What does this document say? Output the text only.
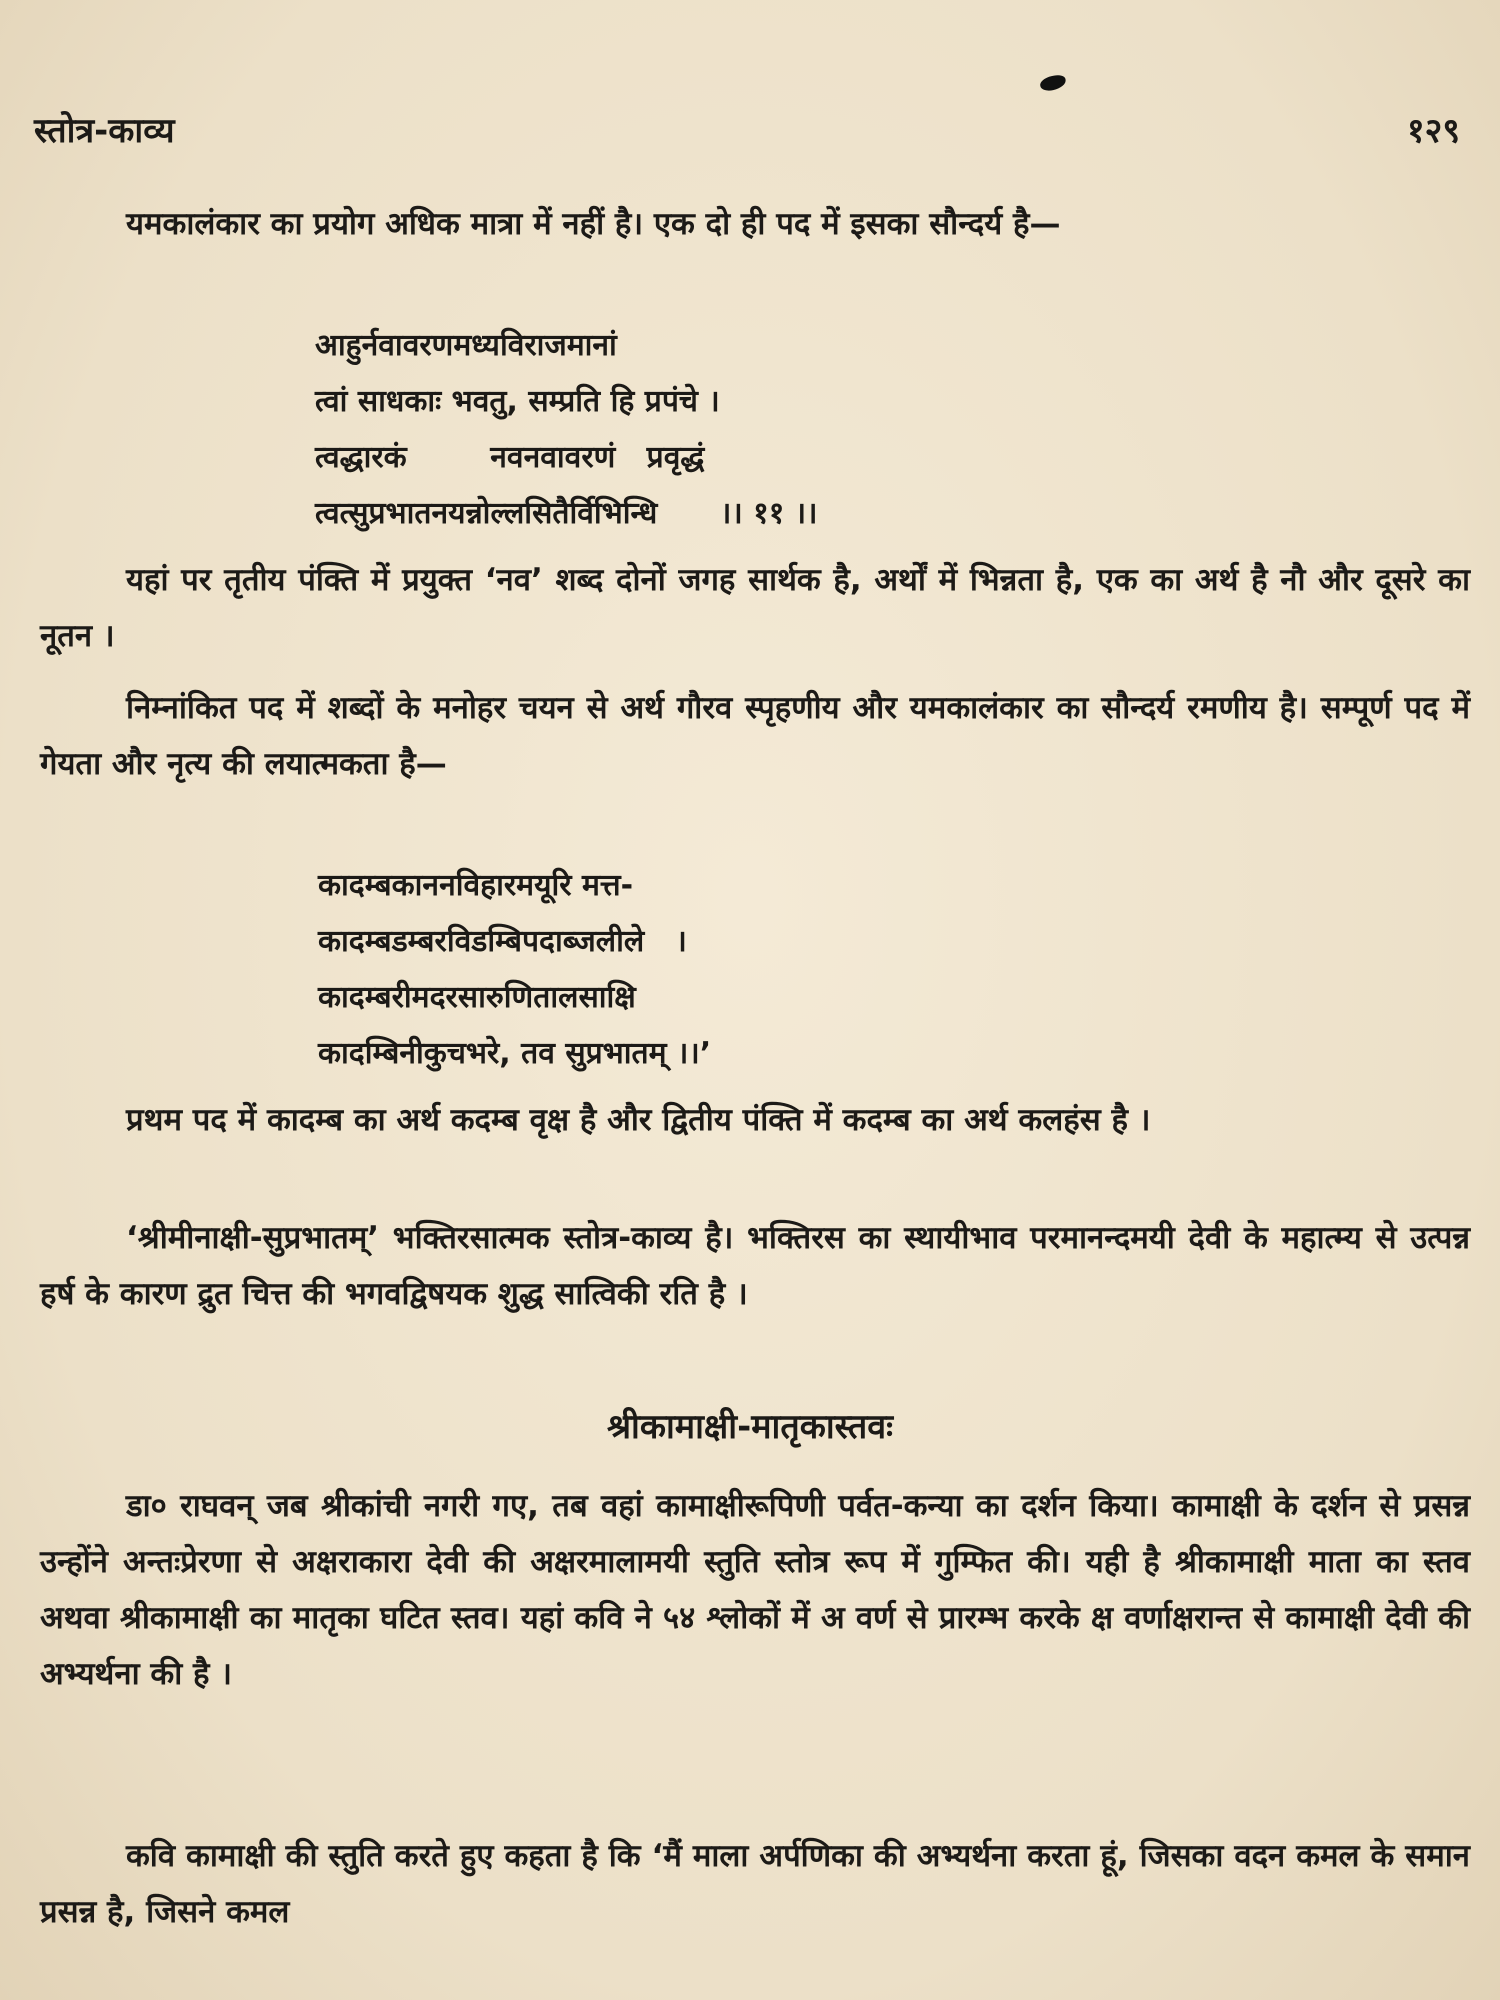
स्तोत्र-काव्य	१२९

यमकालंकार का प्रयोग अधिक मात्रा में नहीं है। एक दो ही पद में इसका सौन्दर्य है—

आहुर्नवावरणमध्यविराजमानां
त्वां साधकाः भवतु, सम्प्रति हि प्रपंचे ।
त्वद्धारकं        नवनवावरणं   प्रवृद्धं
त्वत्सुप्रभातनयन्नोल्लसितैर्विभिन्धि      ।। ११ ।।

यहां पर तृतीय पंक्ति में प्रयुक्त ‘नव’ शब्द दोनों जगह सार्थक है, अर्थों में भिन्नता है, एक का अर्थ है नौ और दूसरे का नूतन ।

निम्नांकित पद में शब्दों के मनोहर चयन से अर्थ गौरव स्पृहणीय और यमकालंकार का सौन्दर्य रमणीय है। सम्पूर्ण पद में गेयता और नृत्य की लयात्मकता है—

कादम्बकाननविहारमयूरि मत्त-
कादम्बडम्बरविडम्बिपदाब्जलीले   ।
कादम्बरीमदरसारुणितालसाक्षि
कादम्बिनीकुचभरे, तव सुप्रभातम् ।।’

प्रथम पद में कादम्ब का अर्थ कदम्ब वृक्ष है और द्वितीय पंक्ति में कदम्ब का अर्थ कलहंस है ।

‘श्रीमीनाक्षी-सुप्रभातम्’ भक्तिरसात्मक स्तोत्र-काव्य है। भक्तिरस का स्थायीभाव परमानन्दमयी देवी के महात्म्य से उत्पन्न हर्ष के कारण द्रुत चित्त की भगवद्विषयक शुद्ध सात्विकी रति है ।

श्रीकामाक्षी-मातृकास्तवः

डा० राघवन् जब श्रीकांची नगरी गए, तब वहां कामाक्षीरूपिणी पर्वत-कन्या का दर्शन किया। कामाक्षी के दर्शन से प्रसन्न उन्होंने अन्तःप्रेरणा से अक्षराकारा देवी की अक्षरमालामयी स्तुति स्तोत्र रूप में गुम्फित की। यही है श्रीकामाक्षी माता का स्तव अथवा श्रीकामाक्षी का मातृका घटित स्तव। यहां कवि ने ५४ श्लोकों में अ वर्ण से प्रारम्भ करके क्ष वर्णाक्षरान्त से कामाक्षी देवी की अभ्यर्थना की है ।

कवि कामाक्षी की स्तुति करते हुए कहता है कि ‘मैं माला अर्पणिका की अभ्यर्थना करता हूं, जिसका वदन कमल के समान प्रसन्न है, जिसने कमल
